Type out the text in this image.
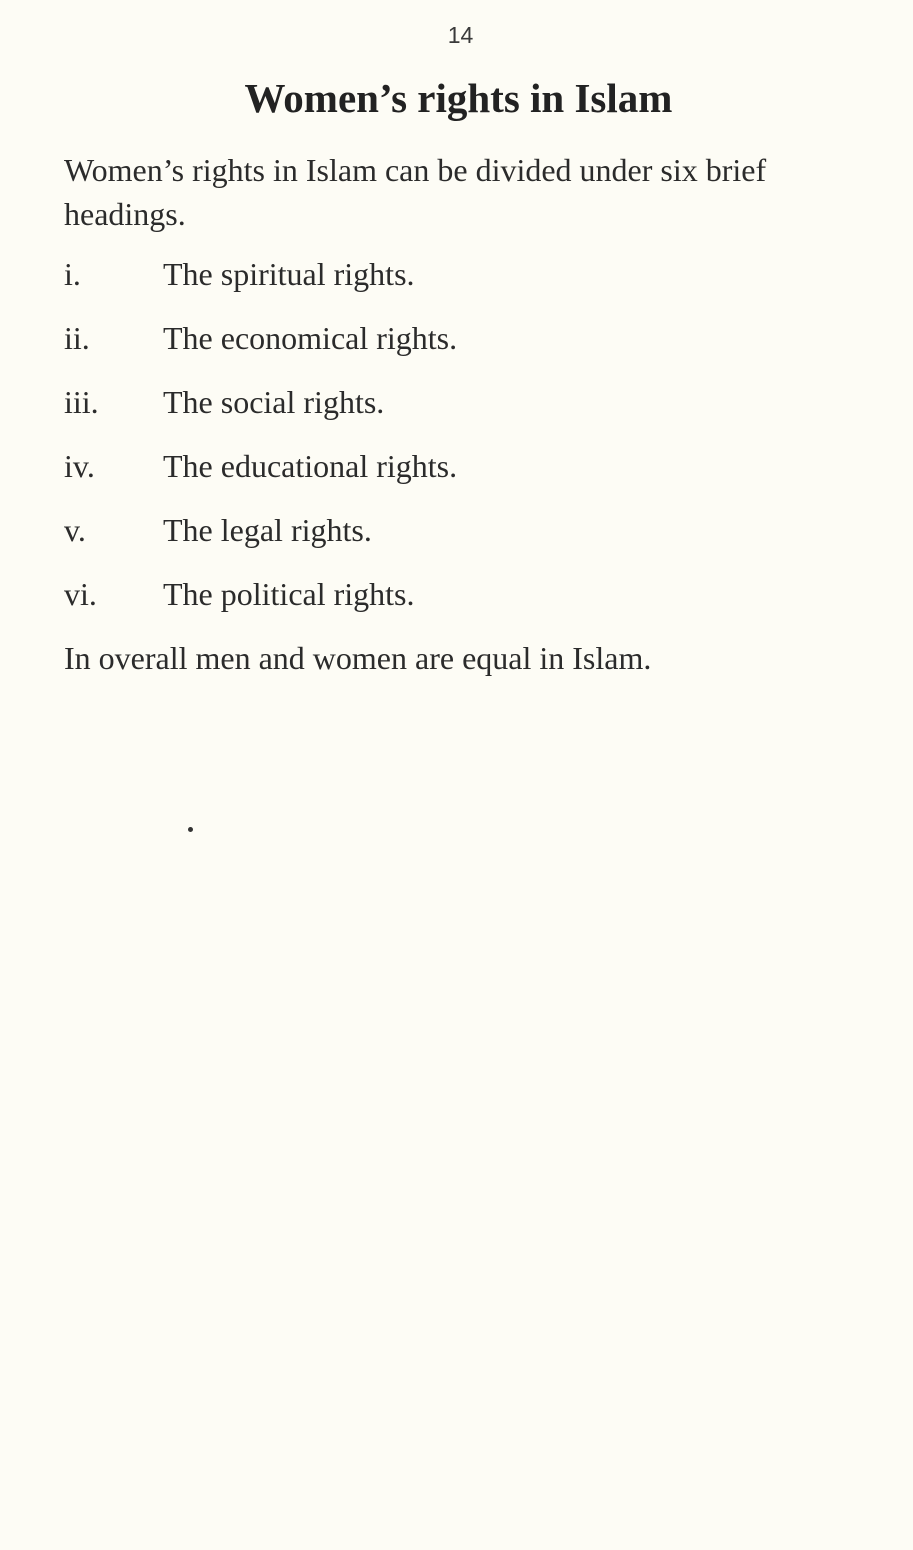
14
Women’s rights in Islam

Women’s rights in Islam can be divided under six brief headings.

i.	The spiritual rights.
ii.	The economical rights.
iii.	The social rights.
iv.	The educational rights.
v.	The legal rights.
vi.	The political rights.

In overall men and women are equal in Islam.
